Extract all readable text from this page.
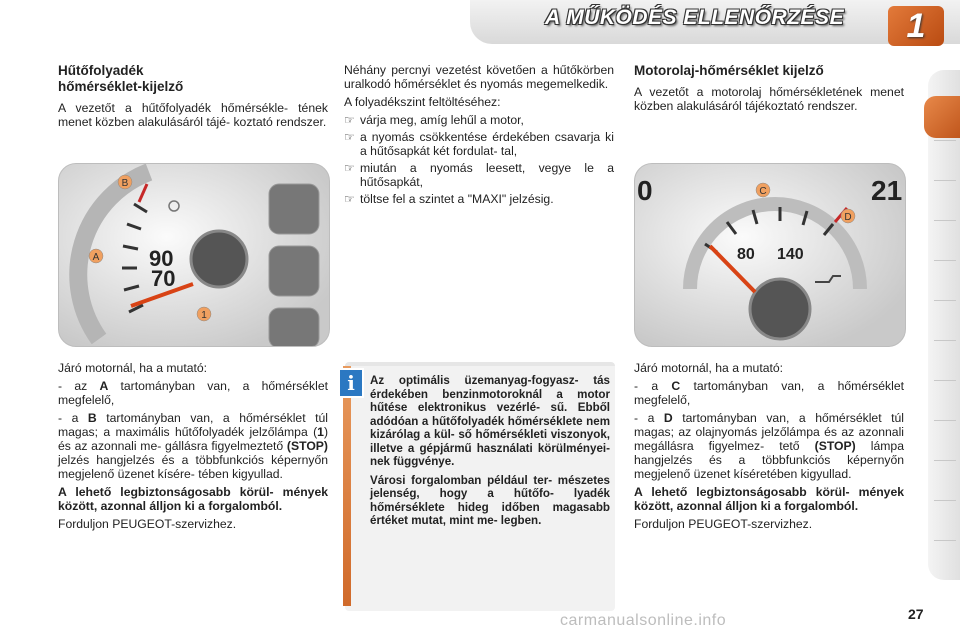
A MŰKÖDÉS ELLENŐRZÉSE	1
Hűtőfolyadék
hőmérséklet-kijelző

A vezetőt a hűtőfolyadék hőmérsékle- tének menet közben alakulásáról tájé- koztató rendszer.

B
A
1
90
70

Járó motornál, ha a mutató:

- az A tartományban van, a hőmérséklet megfelelő,

- a B tartományban van, a hőmérséklet túl magas; a maximális hűtőfolyadék jelzőlámpa (1) és az azonnali me- gállásra figyelmeztető (STOP) jelzés hangjelzés és a többfunkciós képernyőn megjelenő üzenet kísére- tében kigyullad.

A lehető legbiztonságosabb körül- mények között, azonnal álljon ki a forgalomból.

Forduljon PEUGEOT-szervizhez.

Néhány percnyi vezetést követően a hűtőkörben uralkodó hőmérséklet és nyomás megemelkedik.

A folyadékszint feltöltéséhez:

☞ várja meg, amíg lehűl a motor,
☞ a nyomás csökkentése érdekében csavarja ki a hűtősapkát két fordulat- tal,
☞ miután a nyomás leesett, vegye le a hűtősapkát,
☞ töltse fel a szintet a "MAXI" jelzésig.
i	Az optimális üzemanyag-fogyasz- tás érdekében benzinmotoroknál a motor hűtése elektronikus vezérlé- sű. Ebből adódóan a hűtőfolyadék hőmérséklete nem kizárólag a kül- ső hőmérsékleti viszonyok, illetve a gépjármű használati körülményei- nek függvénye.

Városi forgalomban például ter- mészetes jelenség, hogy a hűtőfo- lyadék hőmérséklete hideg időben magasabb értéket mutat, mint me- legben.

Motorolaj-hőmérséklet kijelző

A vezetőt a motorolaj hőmérsékletének menet közben alakulásáról tájékoztató rendszer.

0	21
C
D
80 140

Járó motornál, ha a mutató:

- a C tartományban van, a hőmérséklet megfelelő,

- a D tartományban van, a hőmérséklet túl magas; az olajnyomás jelzőlámpa és az azonnali megállásra figyelmez- tető (STOP) lámpa hangjelzés és a többfunkciós képernyőn megjelenő üzenet kíséretében kigyullad.

A lehető legbiztonságosabb körül- mények között, azonnal álljon ki a forgalomból.

Forduljon PEUGEOT-szervizhez.

27
carmanualsonline.info
